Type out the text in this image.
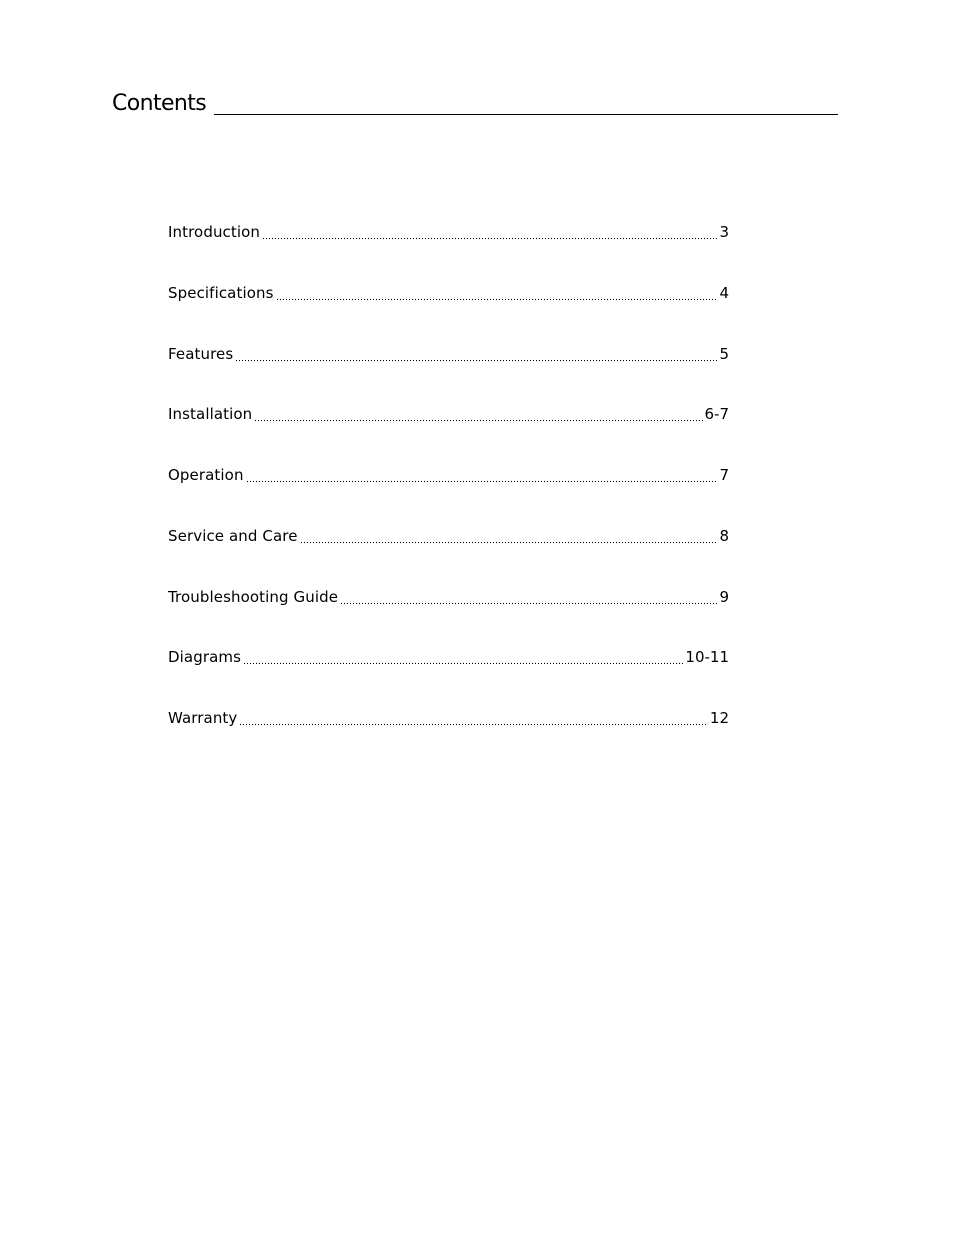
Contents
Introduction	3
Specifications	4
Features	5
Installation	6-7
Operation	7
Service and Care	8
Troubleshooting Guide	9
Diagrams	10-11
Warranty	12
